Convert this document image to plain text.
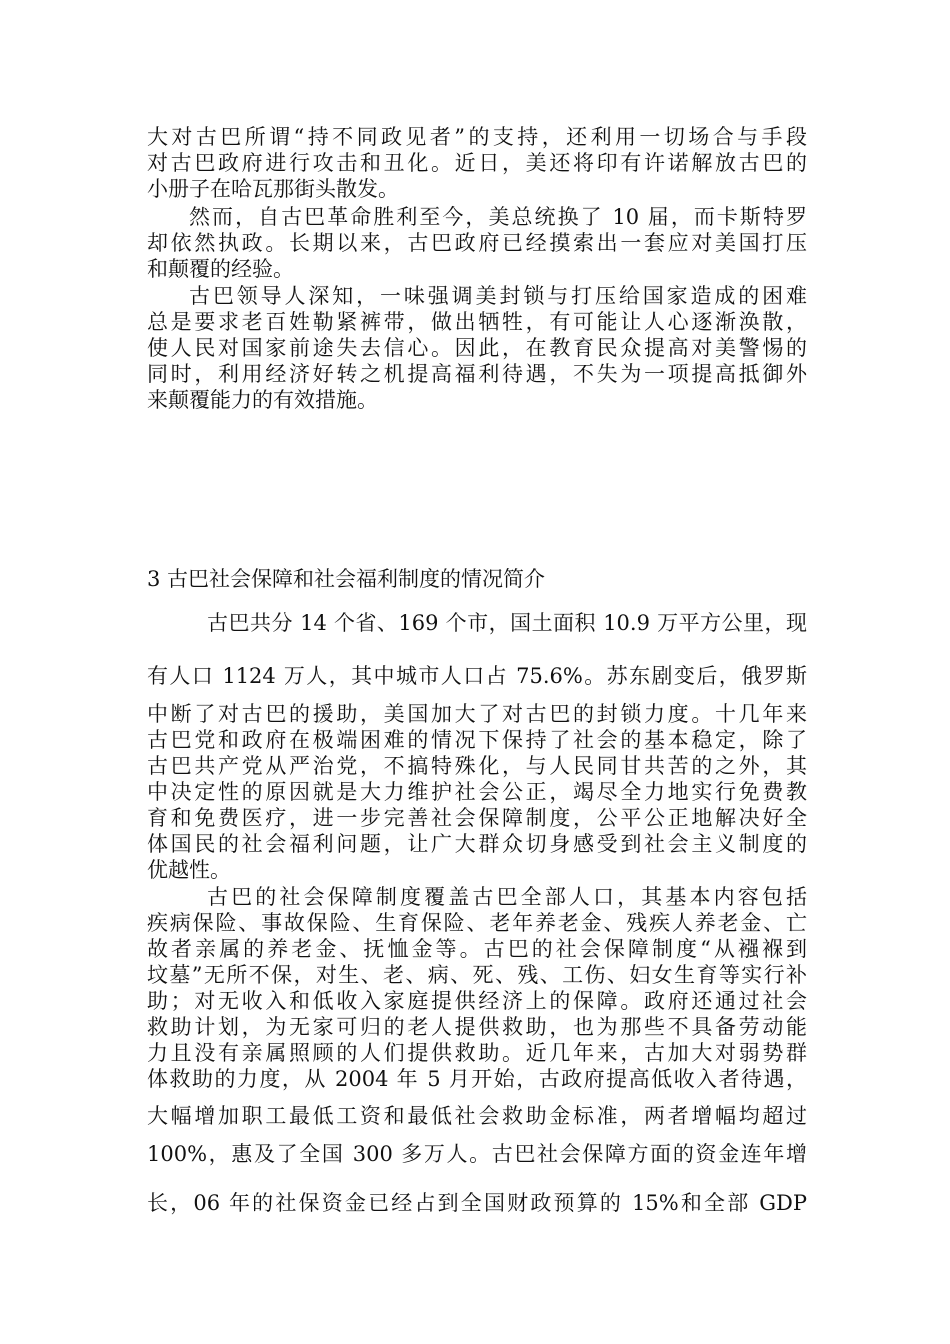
大对古巴所谓“持不同政见者”的支持，还利用一切场合与手段
对古巴政府进行攻击和丑化。近日，美还将印有许诺解放古巴的
小册子在哈瓦那街头散发。
然而，自古巴革命胜利至今，美总统换了 10 届，而卡斯特罗
却依然执政。长期以来，古巴政府已经摸索出一套应对美国打压
和颠覆的经验。
古巴领导人深知，一味强调美封锁与打压给国家造成的困难
总是要求老百姓勒紧裤带，做出牺牲，有可能让人心逐渐涣散，
使人民对国家前途失去信心。因此，在教育民众提高对美警惕的
同时，利用经济好转之机提高福利待遇，不失为一项提高抵御外
来颠覆能力的有效措施。
3 古巴社会保障和社会福利制度的情况简介
古巴共分 14 个省、169 个市，国土面积 10.9 万平方公里，现
有人口 1124 万人，其中城市人口占 75.6%。苏东剧变后，俄罗斯
中断了对古巴的援助，美国加大了对古巴的封锁力度。十几年来
古巴党和政府在极端困难的情况下保持了社会的基本稳定，除了
古巴共产党从严治党，不搞特殊化，与人民同甘共苦的之外，其
中决定性的原因就是大力维护社会公正，竭尽全力地实行免费教
育和免费医疗，进一步完善社会保障制度，公平公正地解决好全
体国民的社会福利问题，让广大群众切身感受到社会主义制度的
优越性。
古巴的社会保障制度覆盖古巴全部人口，其基本内容包括
疾病保险、事故保险、生育保险、老年养老金、残疾人养老金、亡
故者亲属的养老金、抚恤金等。古巴的社会保障制度“从襁褓到
坟墓”无所不保，对生、老、病、死、残、工伤、妇女生育等实行补
助；对无收入和低收入家庭提供经济上的保障。政府还通过社会
救助计划，为无家可归的老人提供救助，也为那些不具备劳动能
力且没有亲属照顾的人们提供救助。近几年来，古加大对弱势群
体救助的力度，从 2004 年 5 月开始，古政府提高低收入者待遇，
大幅增加职工最低工资和最低社会救助金标准，两者增幅均超过
100%，惠及了全国 300 多万人。古巴社会保障方面的资金连年增
长，06 年的社保资金已经占到全国财政预算的 15%和全部 GDP
